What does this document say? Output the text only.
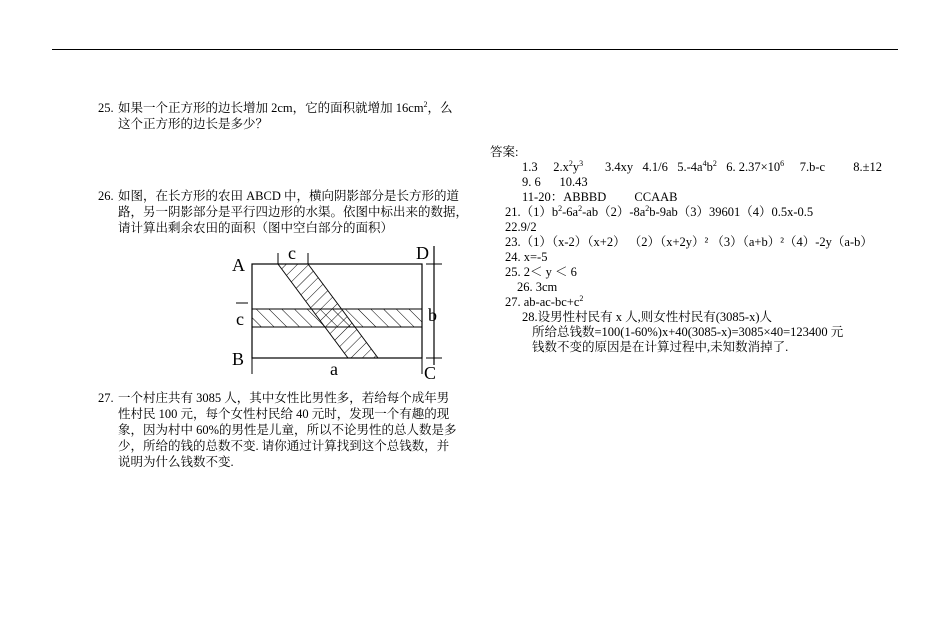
25. 如果一个正方形的边长增加 2cm，它的面积就增加 $16cm^2$，么
这个正方形的边长是多少？
26. 如图，在长方形的农田 ABCD 中，横向阴影部分是长方形的道
路，另一阴影部分是平行四边形的水渠。依图中标出来的数据，
请计算出剩余农田的面积（图中空白部分的面积）
A
D
B
C
c
c	b
a
27. 一个村庄共有 3085 人，其中女性比男性多，若给每个成年男
性村民 100 元，每个女性村民给 40 元时，发现一个有趣的现
象，因为村中 60%的男性是儿童，所以不论男性的总人数是多
少，所给的钱的总数不变. 请你通过计算找到这个总钱数，并
说明为什么钱数不变.
答案:
1.3 $2.x^2y^3$ 3.4xy 4.1/6 $5.-4a^4b^2$ 6. $2.37\times 10^6$ 7.b-c 8.±12
9. 6 10.43
11-20：ABBBD CCAAB
$21.(1)b^2-6a^2-ab(2)-8a^2b-9ab(3)39601(4)0.5x-0.5$
22.9/2
23.（1）（x-2）（x+2） （2）（x+2y）² （3）（a+b）²（4）-2y（a-b）
24. x=-5
25. 2＜ y ＜ 6
26. 3cm
27. $ab-ac-bc+c^2$
28.设男性村民有 x 人,则女性村民有(3085-x)人
所给总钱数=100(1-60%)x+40(3085-x)=3085×40=123400 元
钱数不变的原因是在计算过程中,未知数消掉了.
